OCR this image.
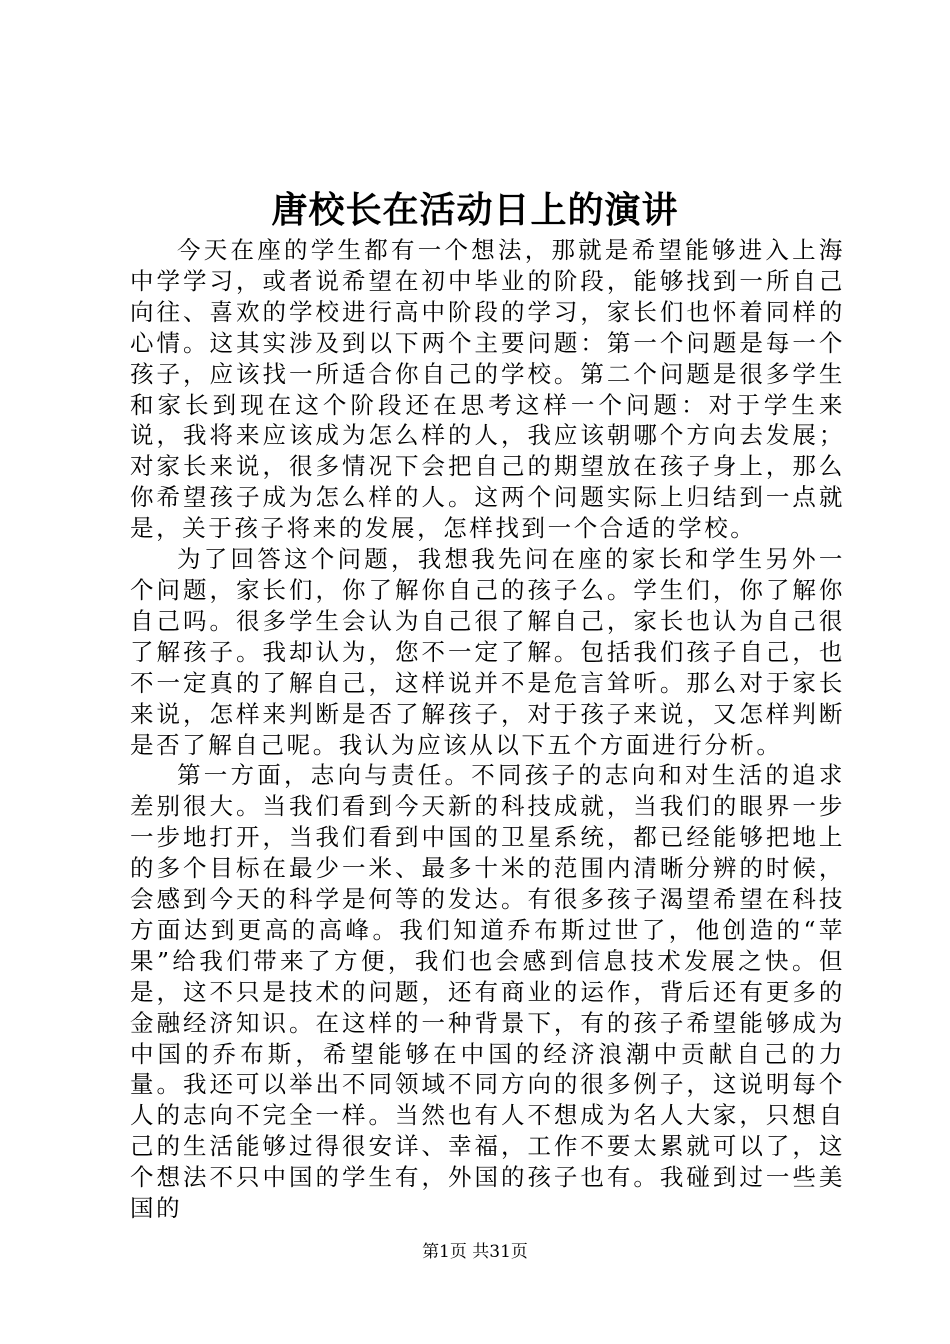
唐校长在活动日上的演讲

今天在座的学生都有一个想法，那就是希望能够进入上海中学学习，或者说希望在初中毕业的阶段，能够找到一所自己向往、喜欢的学校进行高中阶段的学习，家长们也怀着同样的心情。这其实涉及到以下两个主要问题：第一个问题是每一个孩子，应该找一所适合你自己的学校。第二个问题是很多学生和家长到现在这个阶段还在思考这样一个问题：对于学生来说，我将来应该成为怎么样的人，我应该朝哪个方向去发展；对家长来说，很多情况下会把自己的期望放在孩子身上，那么你希望孩子成为怎么样的人。这两个问题实际上归结到一点就是，关于孩子将来的发展，怎样找到一个合适的学校。

为了回答这个问题，我想我先问在座的家长和学生另外一个问题，家长们，你了解你自己的孩子么。学生们，你了解你自己吗。很多学生会认为自己很了解自己，家长也认为自己很了解孩子。我却认为，您不一定了解。包括我们孩子自己，也不一定真的了解自己，这样说并不是危言耸听。那么对于家长来说，怎样来判断是否了解孩子，对于孩子来说，又怎样判断是否了解自己呢。我认为应该从以下五个方面进行分析。

第一方面，志向与责任。不同孩子的志向和对生活的追求差别很大。当我们看到今天新的科技成就，当我们的眼界一步一步地打开，当我们看到中国的卫星系统，都已经能够把地上的多个目标在最少一米、最多十米的范围内清晰分辨的时候，会感到今天的科学是何等的发达。有很多孩子渴望希望在科技方面达到更高的高峰。我们知道乔布斯过世了，他创造的“苹果”给我们带来了方便，我们也会感到信息技术发展之快。但是，这不只是技术的问题，还有商业的运作，背后还有更多的金融经济知识。在这样的一种背景下，有的孩子希望能够成为中国的乔布斯，希望能够在中国的经济浪潮中贡献自己的力量。我还可以举出不同领域不同方向的很多例子，这说明每个人的志向不完全一样。当然也有人不想成为名人大家，只想自己的生活能够过得很安详、幸福，工作不要太累就可以了，这个想法不只中国的学生有，外国的孩子也有。我碰到过一些美国的

第1页 共31页
